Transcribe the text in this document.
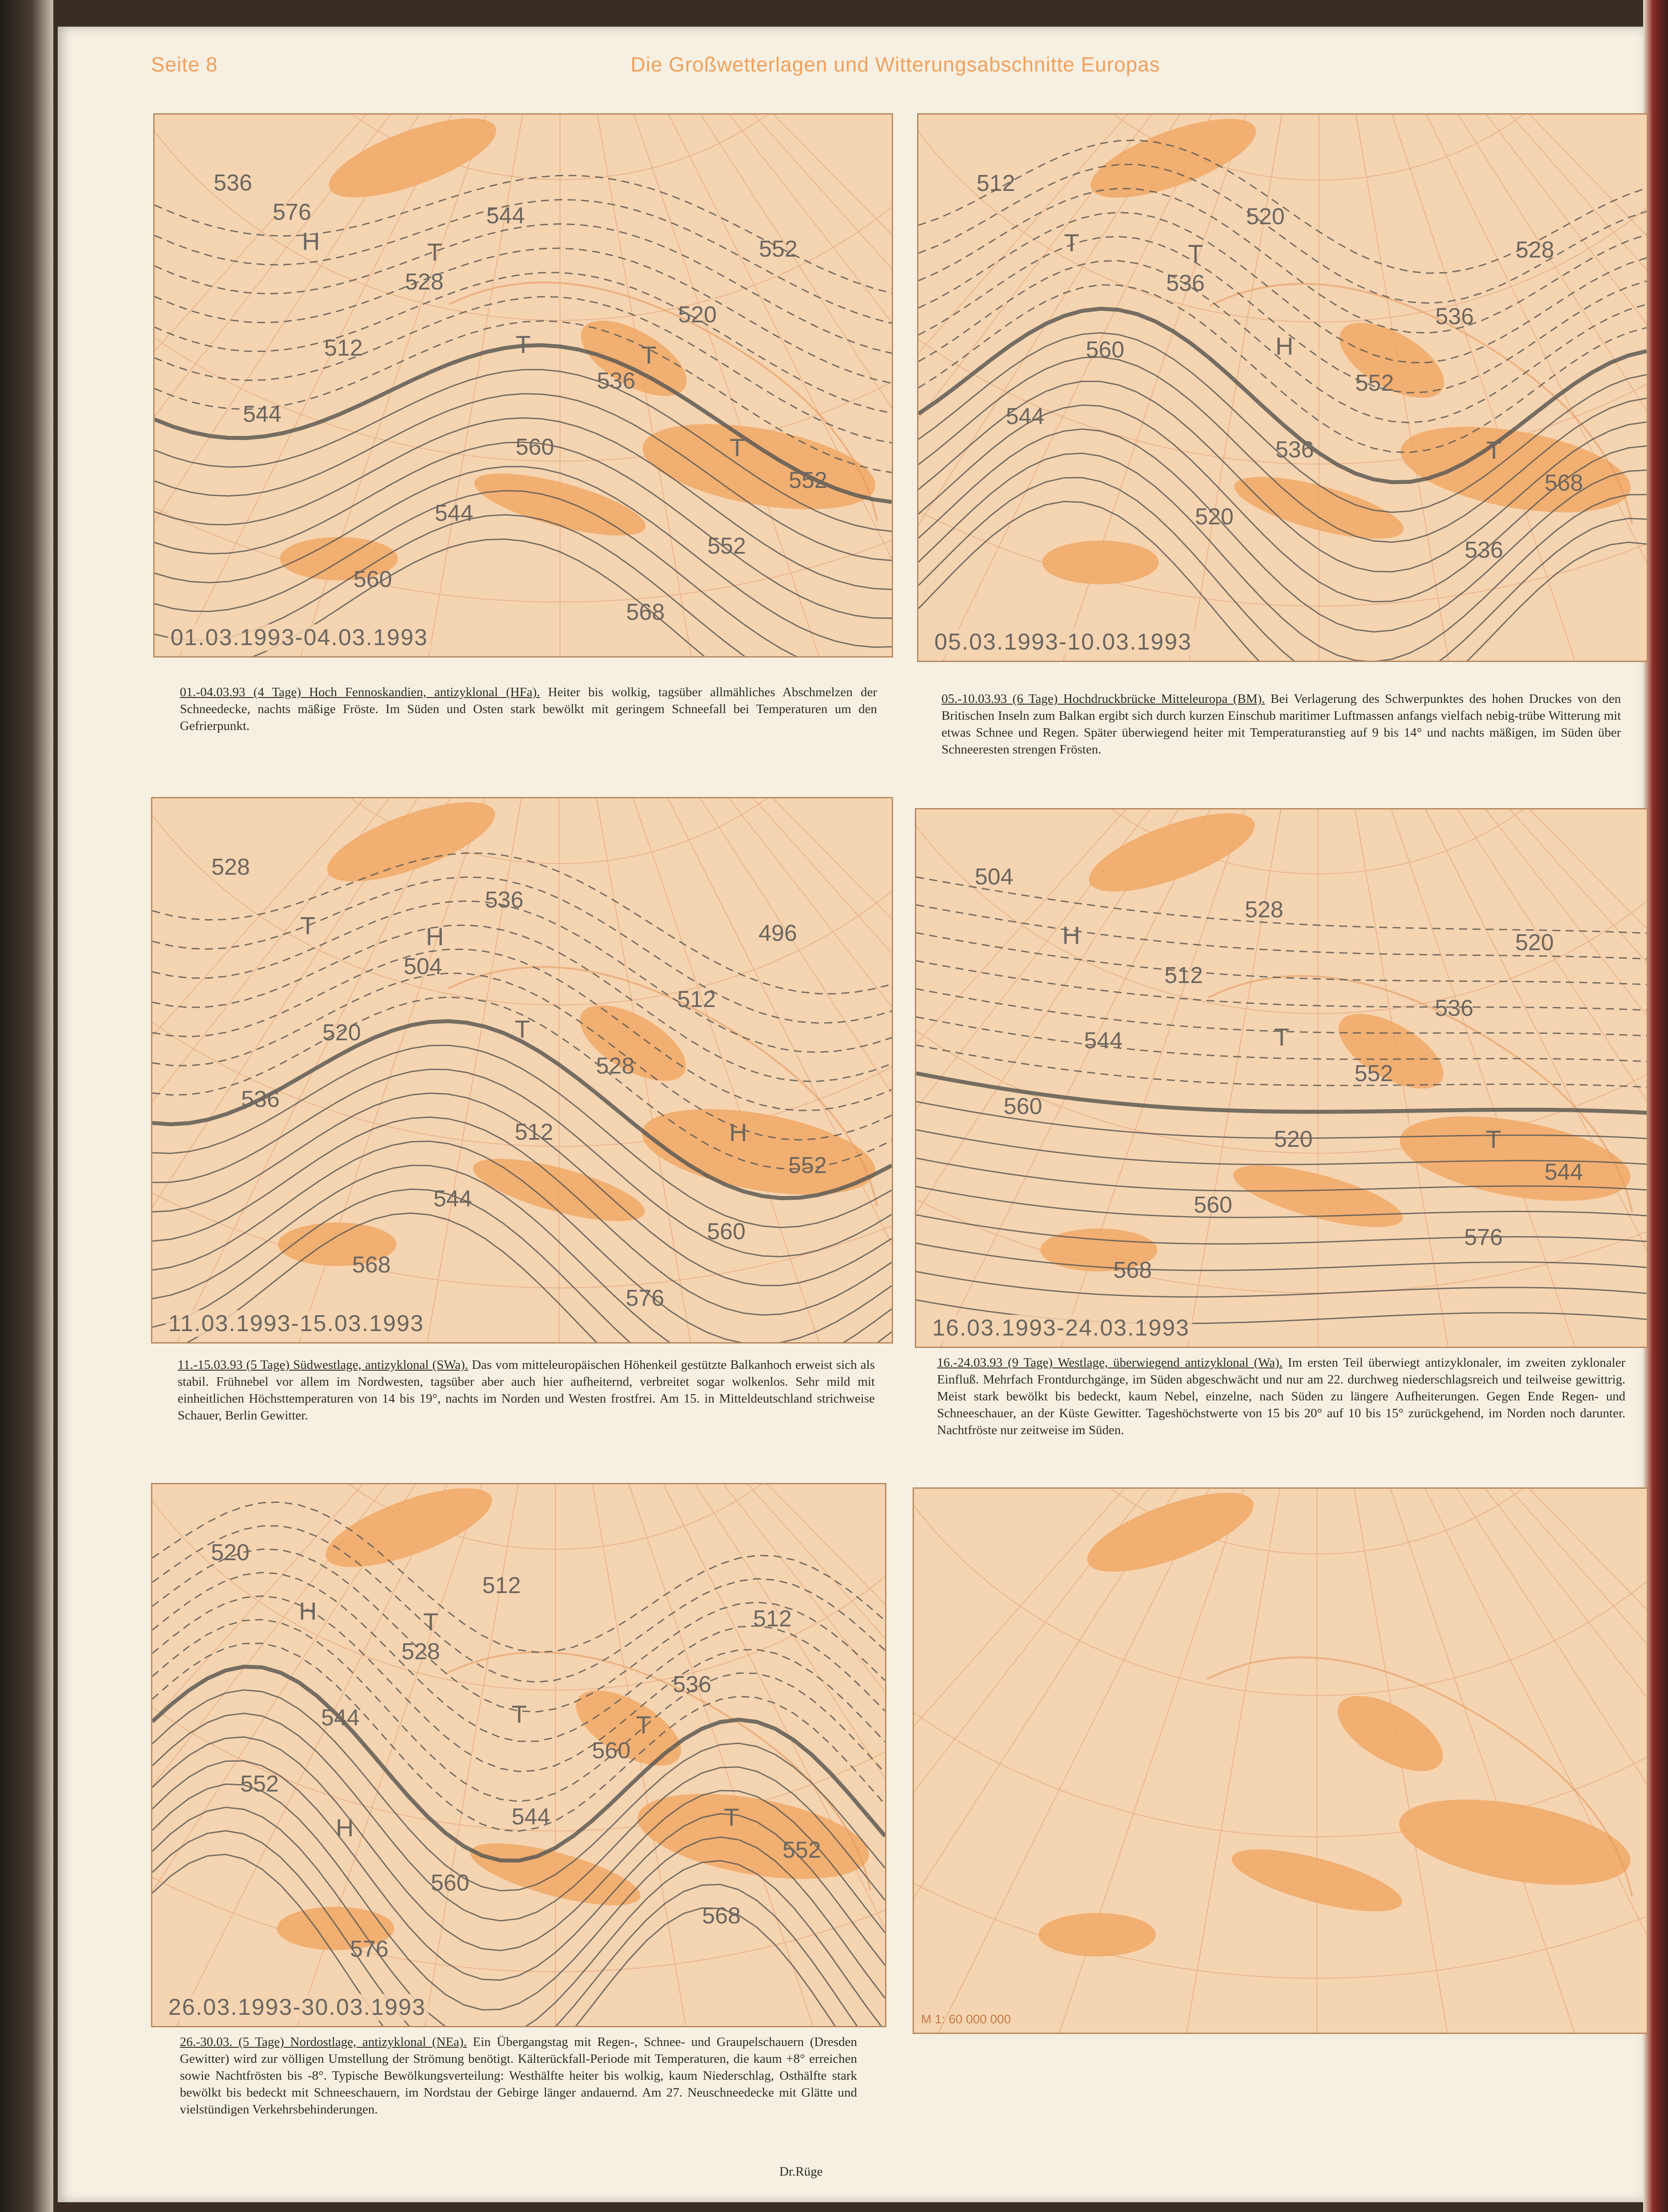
Seite 8	Die Großwetterlagen und Witterungsabschnitte Europas
536
544
552
528
520
512
536
544
560
552
544
552
560
568
576
H
T
T
T
T
01.03.1993-04.03.1993
512
520
528
536
536
560
552
544
536
568
520
536
T
H
T
T
05.03.1993-10.03.1993
528
536
496
504
512
520
528
536
512
552
544
560
568
576
T
T
H
H
11.03.1993-15.03.1993
504
528
520
512
536
544
552
560
520
544
560
576
568
H
T
T
16.03.1993-24.03.1993
520
512
512
528
536
544
560
552
544
552
560
568
576
H
T
T
T
T
H
26.03.1993-30.03.1993	M 1: 60 000 000
01.-04.03.93 (4 Tage) Hoch Fennoskandien, antizyklonal (HFa). Heiter bis wolkig, tagsüber allmähliches Abschmelzen der Schneedecke, nachts mäßige Fröste. Im Süden und Osten stark bewölkt mit geringem Schneefall bei Temperaturen um den Gefrierpunkt.
05.-10.03.93 (6 Tage) Hochdruckbrücke Mitteleuropa (BM). Bei Verlagerung des Schwerpunktes des hohen Druckes von den Britischen Inseln zum Balkan ergibt sich durch kurzen Einschub maritimer Luftmassen anfangs vielfach nebig-trübe Witterung mit etwas Schnee und Regen. Später überwiegend heiter mit Temperaturanstieg auf 9 bis 14° und nachts mäßigen, im Süden über Schneeresten strengen Frösten.
11.-15.03.93 (5 Tage) Südwestlage, antizyklonal (SWa). Das vom mitteleuropäischen Höhenkeil gestützte Balkanhoch erweist sich als stabil. Frühnebel vor allem im Nordwesten, tagsüber aber auch hier aufheiternd, verbreitet sogar wolkenlos. Sehr mild mit einheitlichen Höchsttemperaturen von 14 bis 19°, nachts im Norden und Westen frostfrei. Am 15. in Mitteldeutschland strichweise Schauer, Berlin Gewitter.
16.-24.03.93 (9 Tage) Westlage, überwiegend antizyklonal (Wa). Im ersten Teil überwiegt antizyklonaler, im zweiten zyklonaler Einfluß. Mehrfach Frontdurchgänge, im Süden abgeschwächt und nur am 22. durchweg niederschlagsreich und teilweise gewittrig. Meist stark bewölkt bis bedeckt, kaum Nebel, einzelne, nach Süden zu längere Aufheiterungen. Gegen Ende Regen- und Schneeschauer, an der Küste Gewitter. Tageshöchstwerte von 15 bis 20° auf 10 bis 15° zurückgehend, im Norden noch darunter. Nachtfröste nur zeitweise im Süden.
26.-30.03. (5 Tage) Nordostlage, antizyklonal (NEa). Ein Übergangstag mit Regen-, Schnee- und Graupelschauern (Dresden Gewitter) wird zur völligen Umstellung der Strömung benötigt. Kälterückfall-Periode mit Temperaturen, die kaum +8° erreichen sowie Nachtfrösten bis -8°. Typische Bewölkungsverteilung: Westhälfte heiter bis wolkig, kaum Niederschlag, Osthälfte stark bewölkt bis bedeckt mit Schneeschauern, im Nordstau der Gebirge länger andauernd. Am 27. Neuschneedecke mit Glätte und vielstündigen Verkehrsbehinderungen.
Dr.Rüge
